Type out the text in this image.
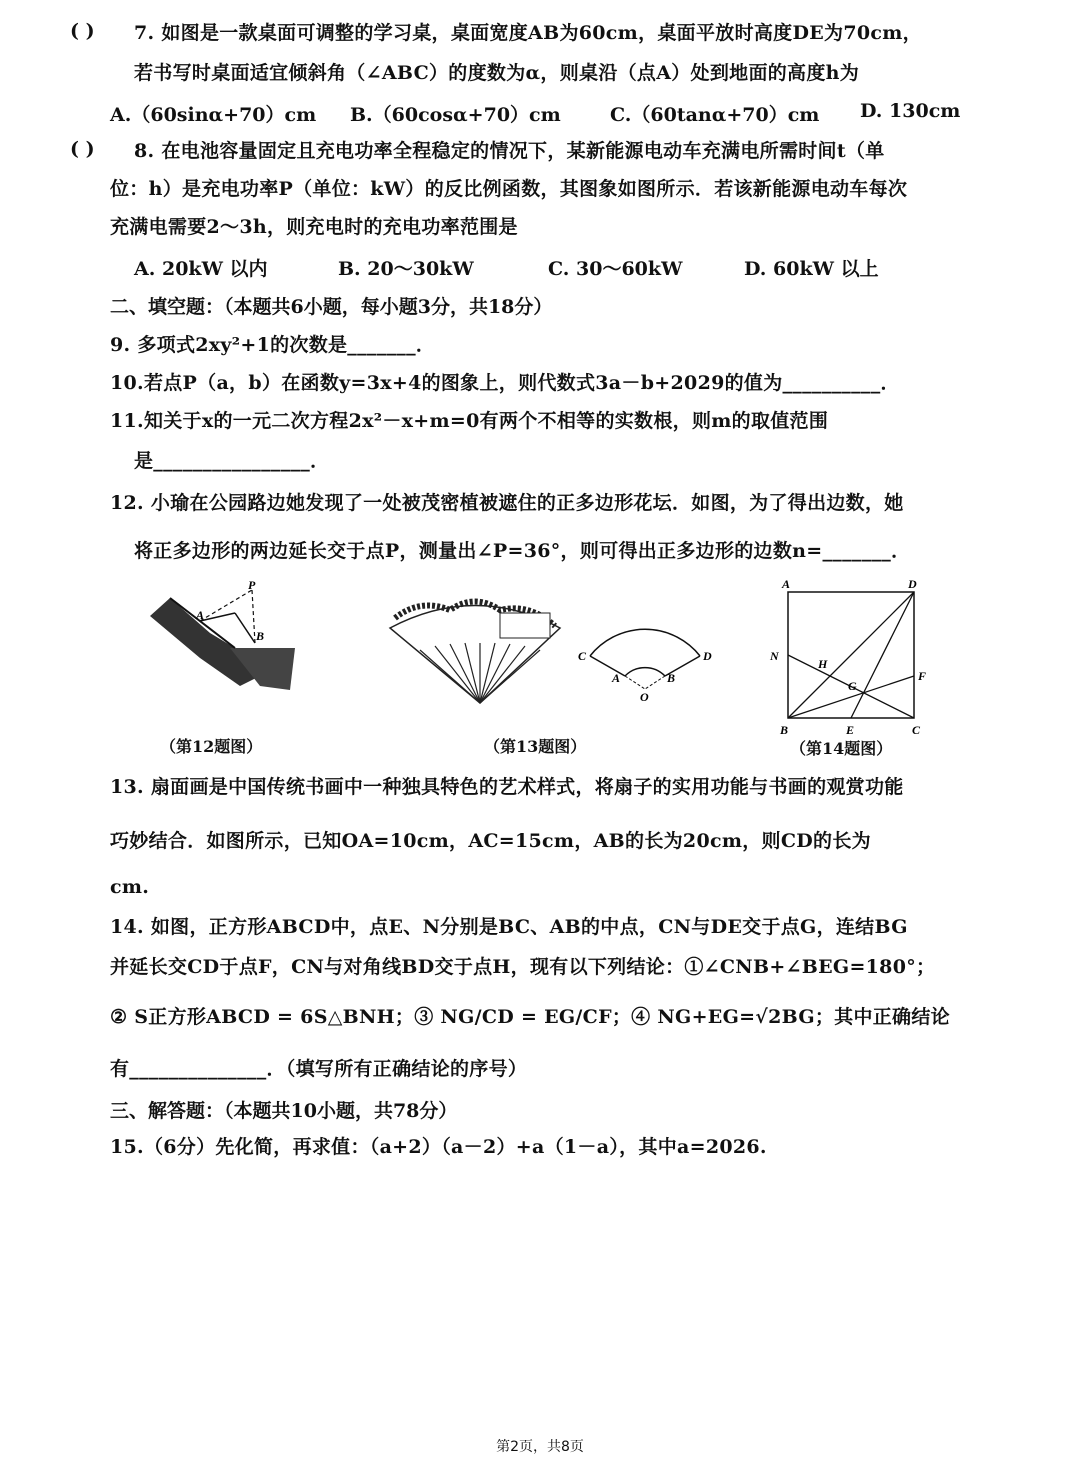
( ) 7. 如图是一款桌面可调整的学习桌，桌面宽度AB为60cm，桌面平放时高度DE为70cm，
若书写时桌面适宜倾斜角（∠ABC）的度数为α，则桌沿（点A）处到地面的高度h为
A.（60sinα+70）cm B.（60cosα+70）cm	C.（60tanα+70）cm D. 130cm
( ) 8. 在电池容量固定且充电功率全程稳定的情况下，某新能源电动车充满电所需时间t（单
位：h）是充电功率P（单位：kW）的反比例函数，其图象如图所示．若该新能源电动车每次
充满电需要2～3h，则充电时的充电功率范围是
A. 20kW 以内	B. 20～30kW	C. 30～60kW	D. 60kW 以上
二、填空题：（本题共6小题，每小题3分，共18分）
9. 多项式2xy²+1的次数是_______．
10.若点P（a，b）在函数y=3x+4的图象上，则代数式3a－b+2029的值为__________．
11.知关于x的一元二次方程2x²－x+m=0有两个不相等的实数根，则m的取值范围
是________________．
12. 小瑜在公园路边她发现了一处被茂密植被遮住的正多边形花坛．如图，为了得出边数，她
将正多边形的两边延长交于点P，测量出∠P=36°，则可得出正多边形的边数n=_______．
P
A
B
（第12题图）
C	D
A
O
B
（第13题图）
A	D
N
H
G
F
B	E	C
（第14题图）
13. 扇面画是中国传统书画中一种独具特色的艺术样式，将扇子的实用功能与书画的观赏功能
巧妙结合．如图所示，已知OA=10cm，AC=15cm，AB的长为20cm，则CD的长为
cm.
14. 如图，正方形ABCD中，点E、N分别是BC、AB的中点，CN与DE交于点G，连结BG
并延长交CD于点F，CN与对角线BD交于点H，现有以下列结论：①∠CNB+∠BEG=180°；
② S正方形ABCD = 6S△BNH；③ NG/CD = EG/CF；④ NG+EG=√2BG；其中正确结论
有______________．（填写所有正确结论的序号）
三、解答题：（本题共10小题，共78分）
15.（6分）先化简，再求值：（a+2）（a－2）+a（1－a），其中a=2026.
第2页，共8页
